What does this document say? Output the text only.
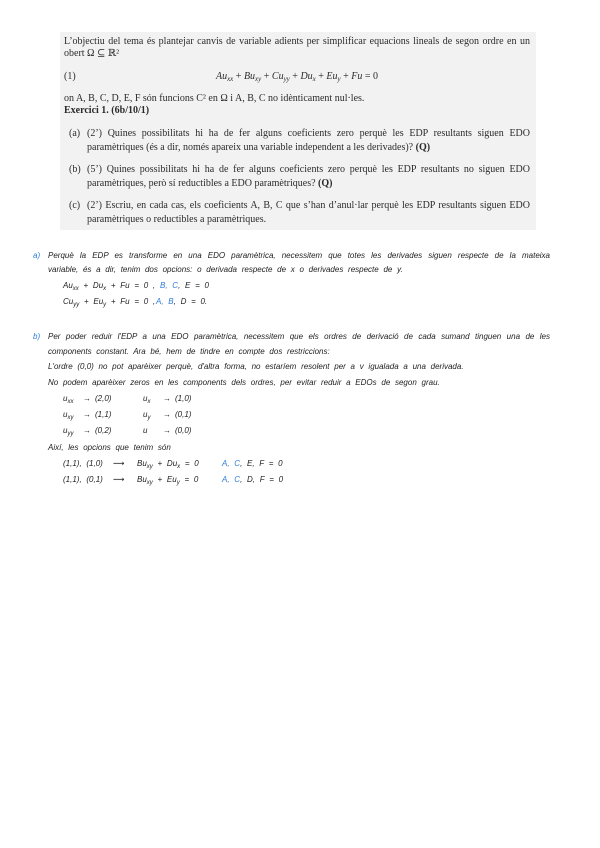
L’objectiu del tema és plantejar canvis de variable adients per simplificar equacions lineals de segon ordre en un obert Ω ⊆ ℝ²
(1)	$Au_{xx} + Bu_{xy} + Cu_{yy} + Du_x + Eu_y + Fu = 0$
on A, B, C, D, E, F són funcions C² en Ω i A, B, C no idènticament nul·les.
Exercici 1. (6b/10/1)
(a) (2’) Quines possibilitats hi ha de fer alguns coeficients zero perquè les EDP resultants siguen EDO paramètriques (és a dir, només apareix una variable independent a les derivades)? (Q)
(b) (5’) Quines possibilitats hi ha de fer alguns coeficients zero perquè les EDP resultants no siguen EDO paramètriques, però sí reductibles a EDO paramètriques? (Q)
(c) (2’) Escriu, en cada cas, els coeficients A, B, C que s’han d’anul·lar perquè les EDP resultants siguen EDO paramètriques o reductibles a paramètriques.
a) Perquè la EDP es transforme en una EDO paramètrica, necessitem que totes les derivades siguen respecte de la mateixa
variable, és a dir, tenim dos opcions: o derivada respecte de x o derivades respecte de y.
$Au_{xx} + Du_x + Fu = 0$ , B, C, E = 0
$Cu_{yy} + Eu_y + Fu = 0$ , A, B, D = 0.
b) Per poder reduir l'EDP a una EDO paramètrica, necessitem que els ordres de derivació de cada sumand tinguen una de les
components constant. Ara bé, hem de tindre en compte dos restriccions:
L'ordre (0,0) no pot aparèixer perquè, d'altra forma, no estaríem resolent per a v igualada a una derivada.
No podem aparèixer zeros en les components dels ordres, per evitar reduir a EDOs de segon grau.
$u_{xx} \to (2,0)$	$u_x \to (1,0)$
$u_{xy} \to (1,1)$	$u_y \to (0,1)$
$u_{yy} \to (0,2)$	u → (0,0)
Així, les opcions que tenim són
(1,1), (1,0) ⟿ $Bu_{xy} + Du_x = 0$	A, C, E, F = 0
(1,1), (0,1) ⟿ $Bu_{xy} + Eu_y = 0$	A, C, D, F = 0
